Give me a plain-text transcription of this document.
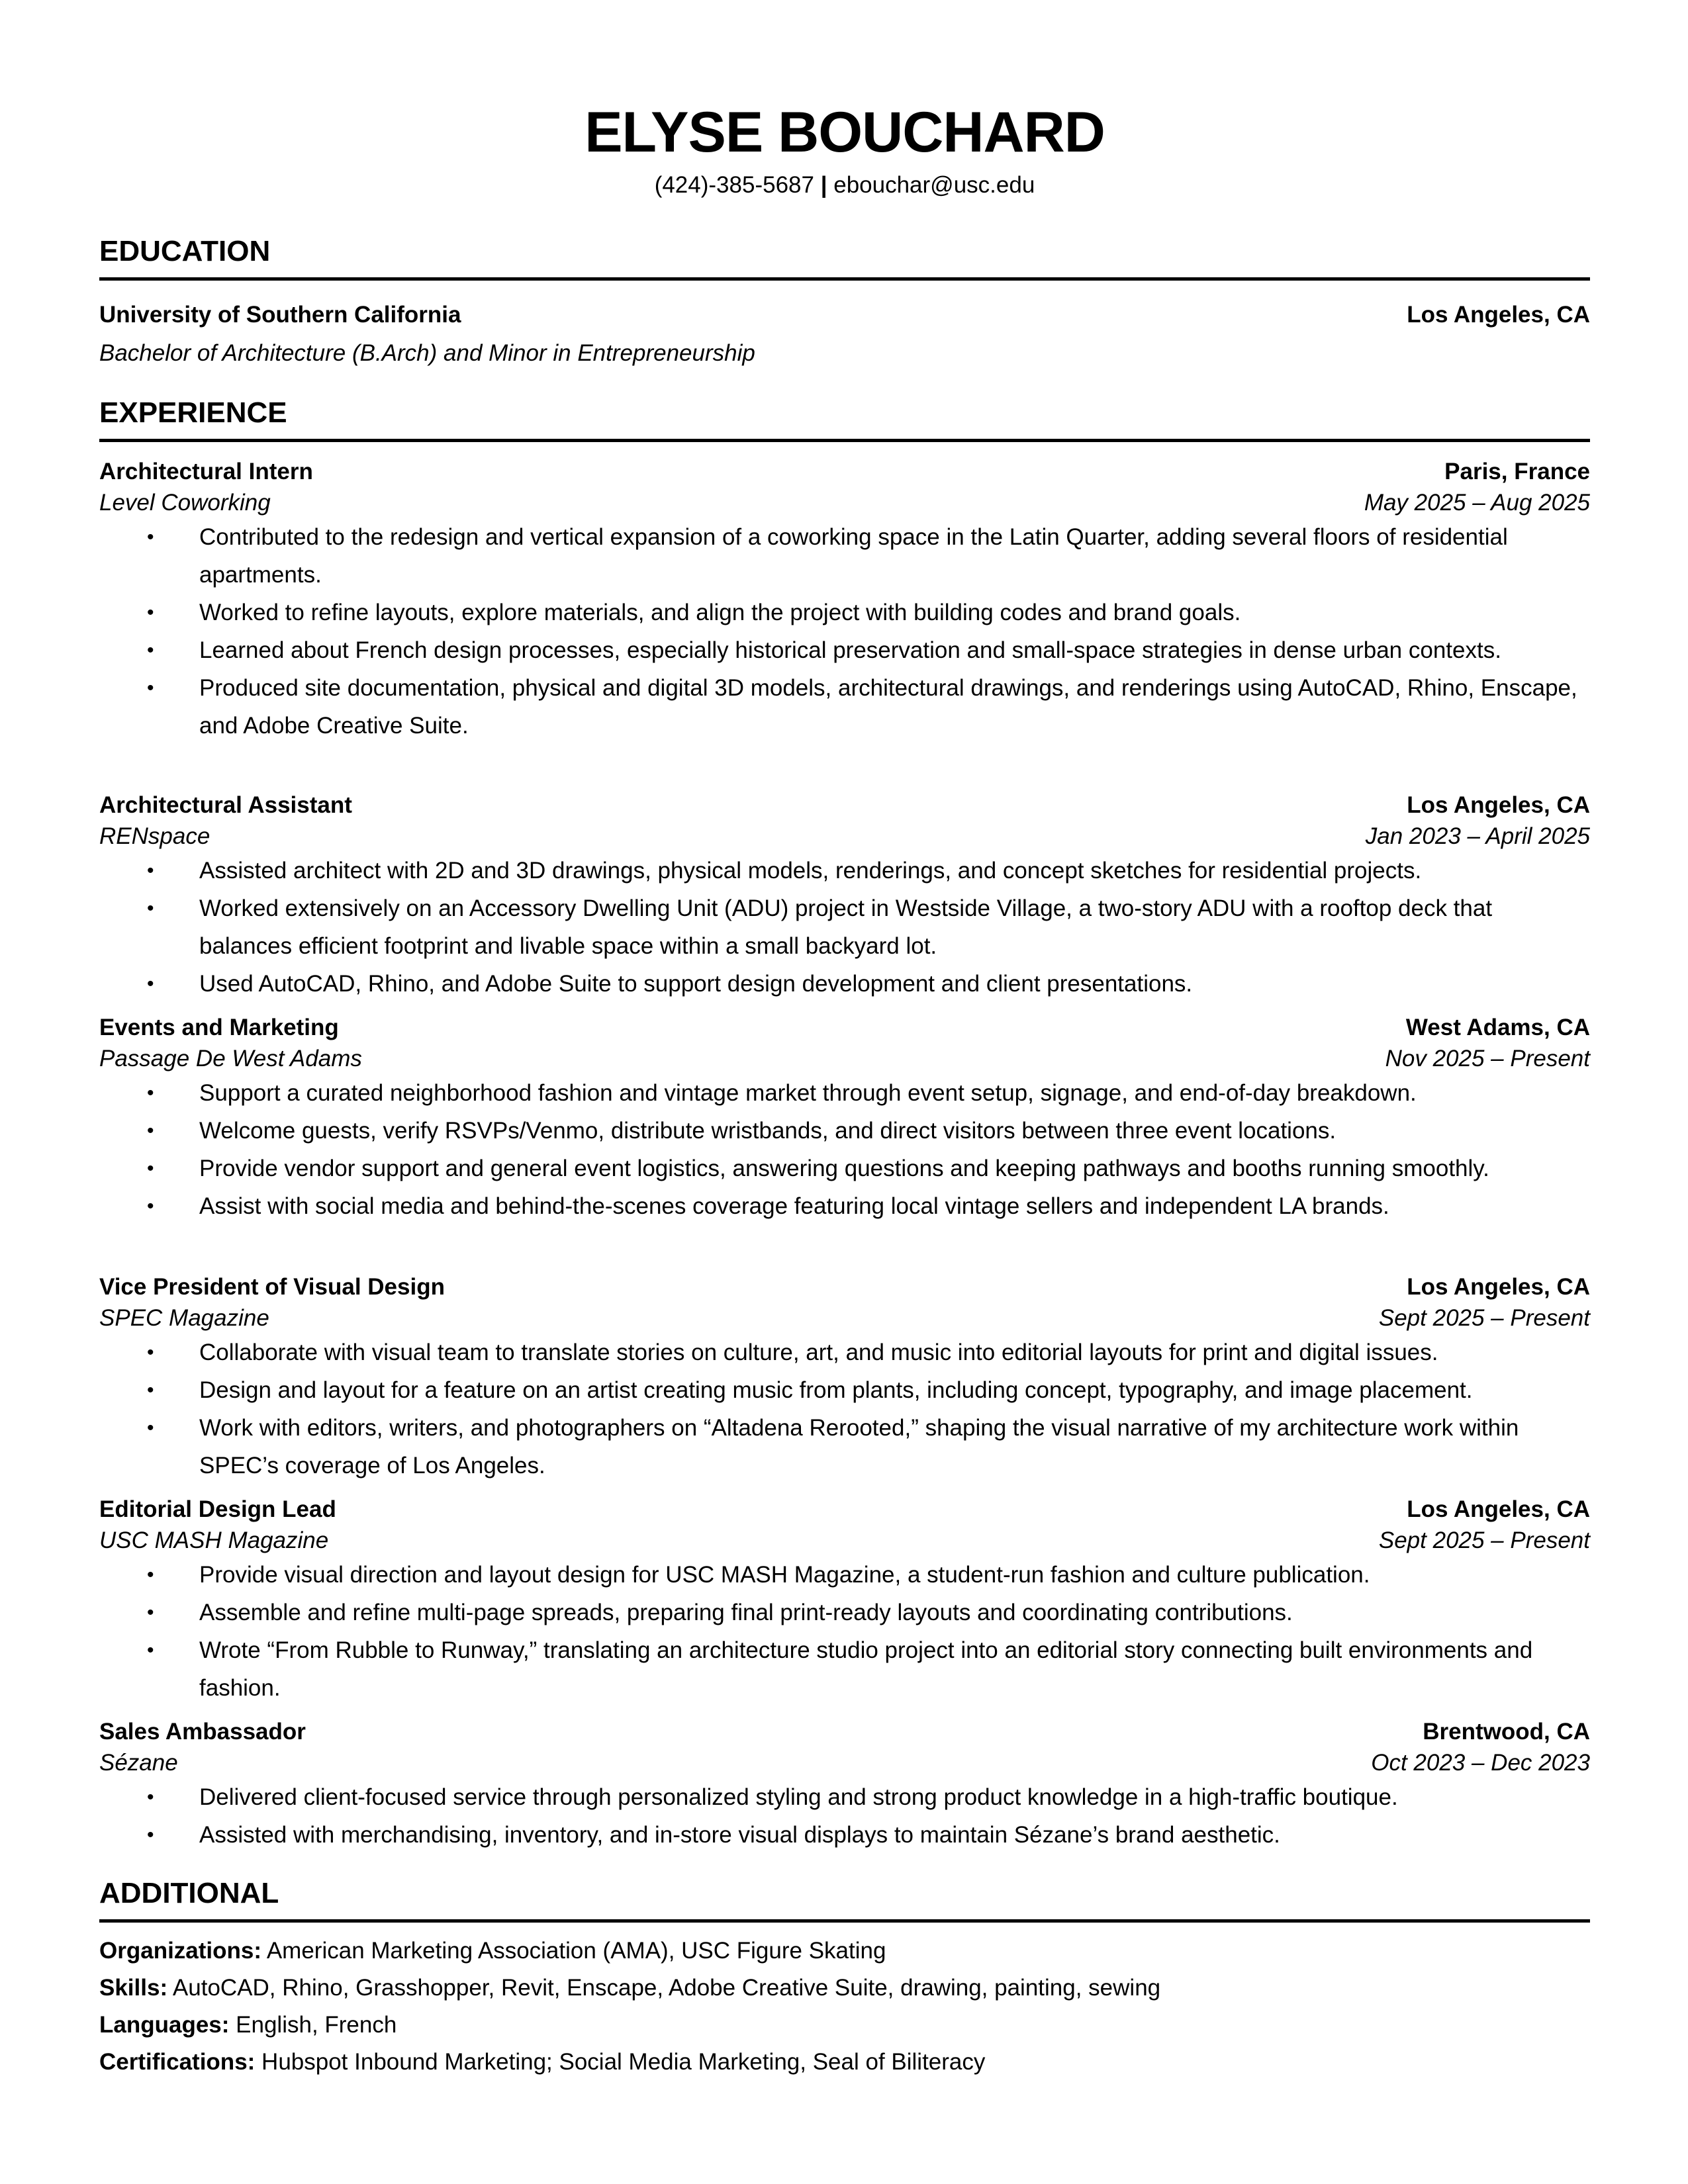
ELYSE BOUCHARD
(424)-385-5687 | ebouchar@usc.edu
EDUCATION
University of Southern California	Los Angeles, CA
Bachelor of Architecture (B.Arch) and Minor in Entrepreneurship
EXPERIENCE
Architectural Intern	Paris, France
Level Coworking	May 2025 – Aug 2025
• Contributed to the redesign and vertical expansion of a coworking space in the Latin Quarter, adding several floors of residential apartments.
• Worked to refine layouts, explore materials, and align the project with building codes and brand goals.
• Learned about French design processes, especially historical preservation and small-space strategies in dense urban contexts.
• Produced site documentation, physical and digital 3D models, architectural drawings, and renderings using AutoCAD, Rhino, Enscape, and Adobe Creative Suite.
Architectural Assistant	Los Angeles, CA
RENspace	Jan 2023 – April 2025
• Assisted architect with 2D and 3D drawings, physical models, renderings, and concept sketches for residential projects.
• Worked extensively on an Accessory Dwelling Unit (ADU) project in Westside Village, a two-story ADU with a rooftop deck that balances efficient footprint and livable space within a small backyard lot.
• Used AutoCAD, Rhino, and Adobe Suite to support design development and client presentations.
Events and Marketing	West Adams, CA
Passage De West Adams	Nov 2025 – Present
• Support a curated neighborhood fashion and vintage market through event setup, signage, and end-of-day breakdown.
• Welcome guests, verify RSVPs/Venmo, distribute wristbands, and direct visitors between three event locations.
• Provide vendor support and general event logistics, answering questions and keeping pathways and booths running smoothly.
• Assist with social media and behind-the-scenes coverage featuring local vintage sellers and independent LA brands.
Vice President of Visual Design	Los Angeles, CA
SPEC Magazine	Sept 2025 – Present
• Collaborate with visual team to translate stories on culture, art, and music into editorial layouts for print and digital issues.
• Design and layout for a feature on an artist creating music from plants, including concept, typography, and image placement.
• Work with editors, writers, and photographers on “Altadena Rerooted,” shaping the visual narrative of my architecture work within SPEC’s coverage of Los Angeles.
Editorial Design Lead	Los Angeles, CA
USC MASH Magazine	Sept 2025 – Present
• Provide visual direction and layout design for USC MASH Magazine, a student-run fashion and culture publication.
• Assemble and refine multi-page spreads, preparing final print-ready layouts and coordinating contributions.
• Wrote “From Rubble to Runway,” translating an architecture studio project into an editorial story connecting built environments and fashion.
Sales Ambassador	Brentwood, CA
Sézane	Oct 2023 – Dec 2023
• Delivered client-focused service through personalized styling and strong product knowledge in a high-traffic boutique.
• Assisted with merchandising, inventory, and in-store visual displays to maintain Sézane’s brand aesthetic.
ADDITIONAL
Organizations: American Marketing Association (AMA), USC Figure Skating
Skills: AutoCAD, Rhino, Grasshopper, Revit, Enscape, Adobe Creative Suite, drawing, painting, sewing
Languages: English, French
Certifications: Hubspot Inbound Marketing; Social Media Marketing, Seal of Biliteracy
